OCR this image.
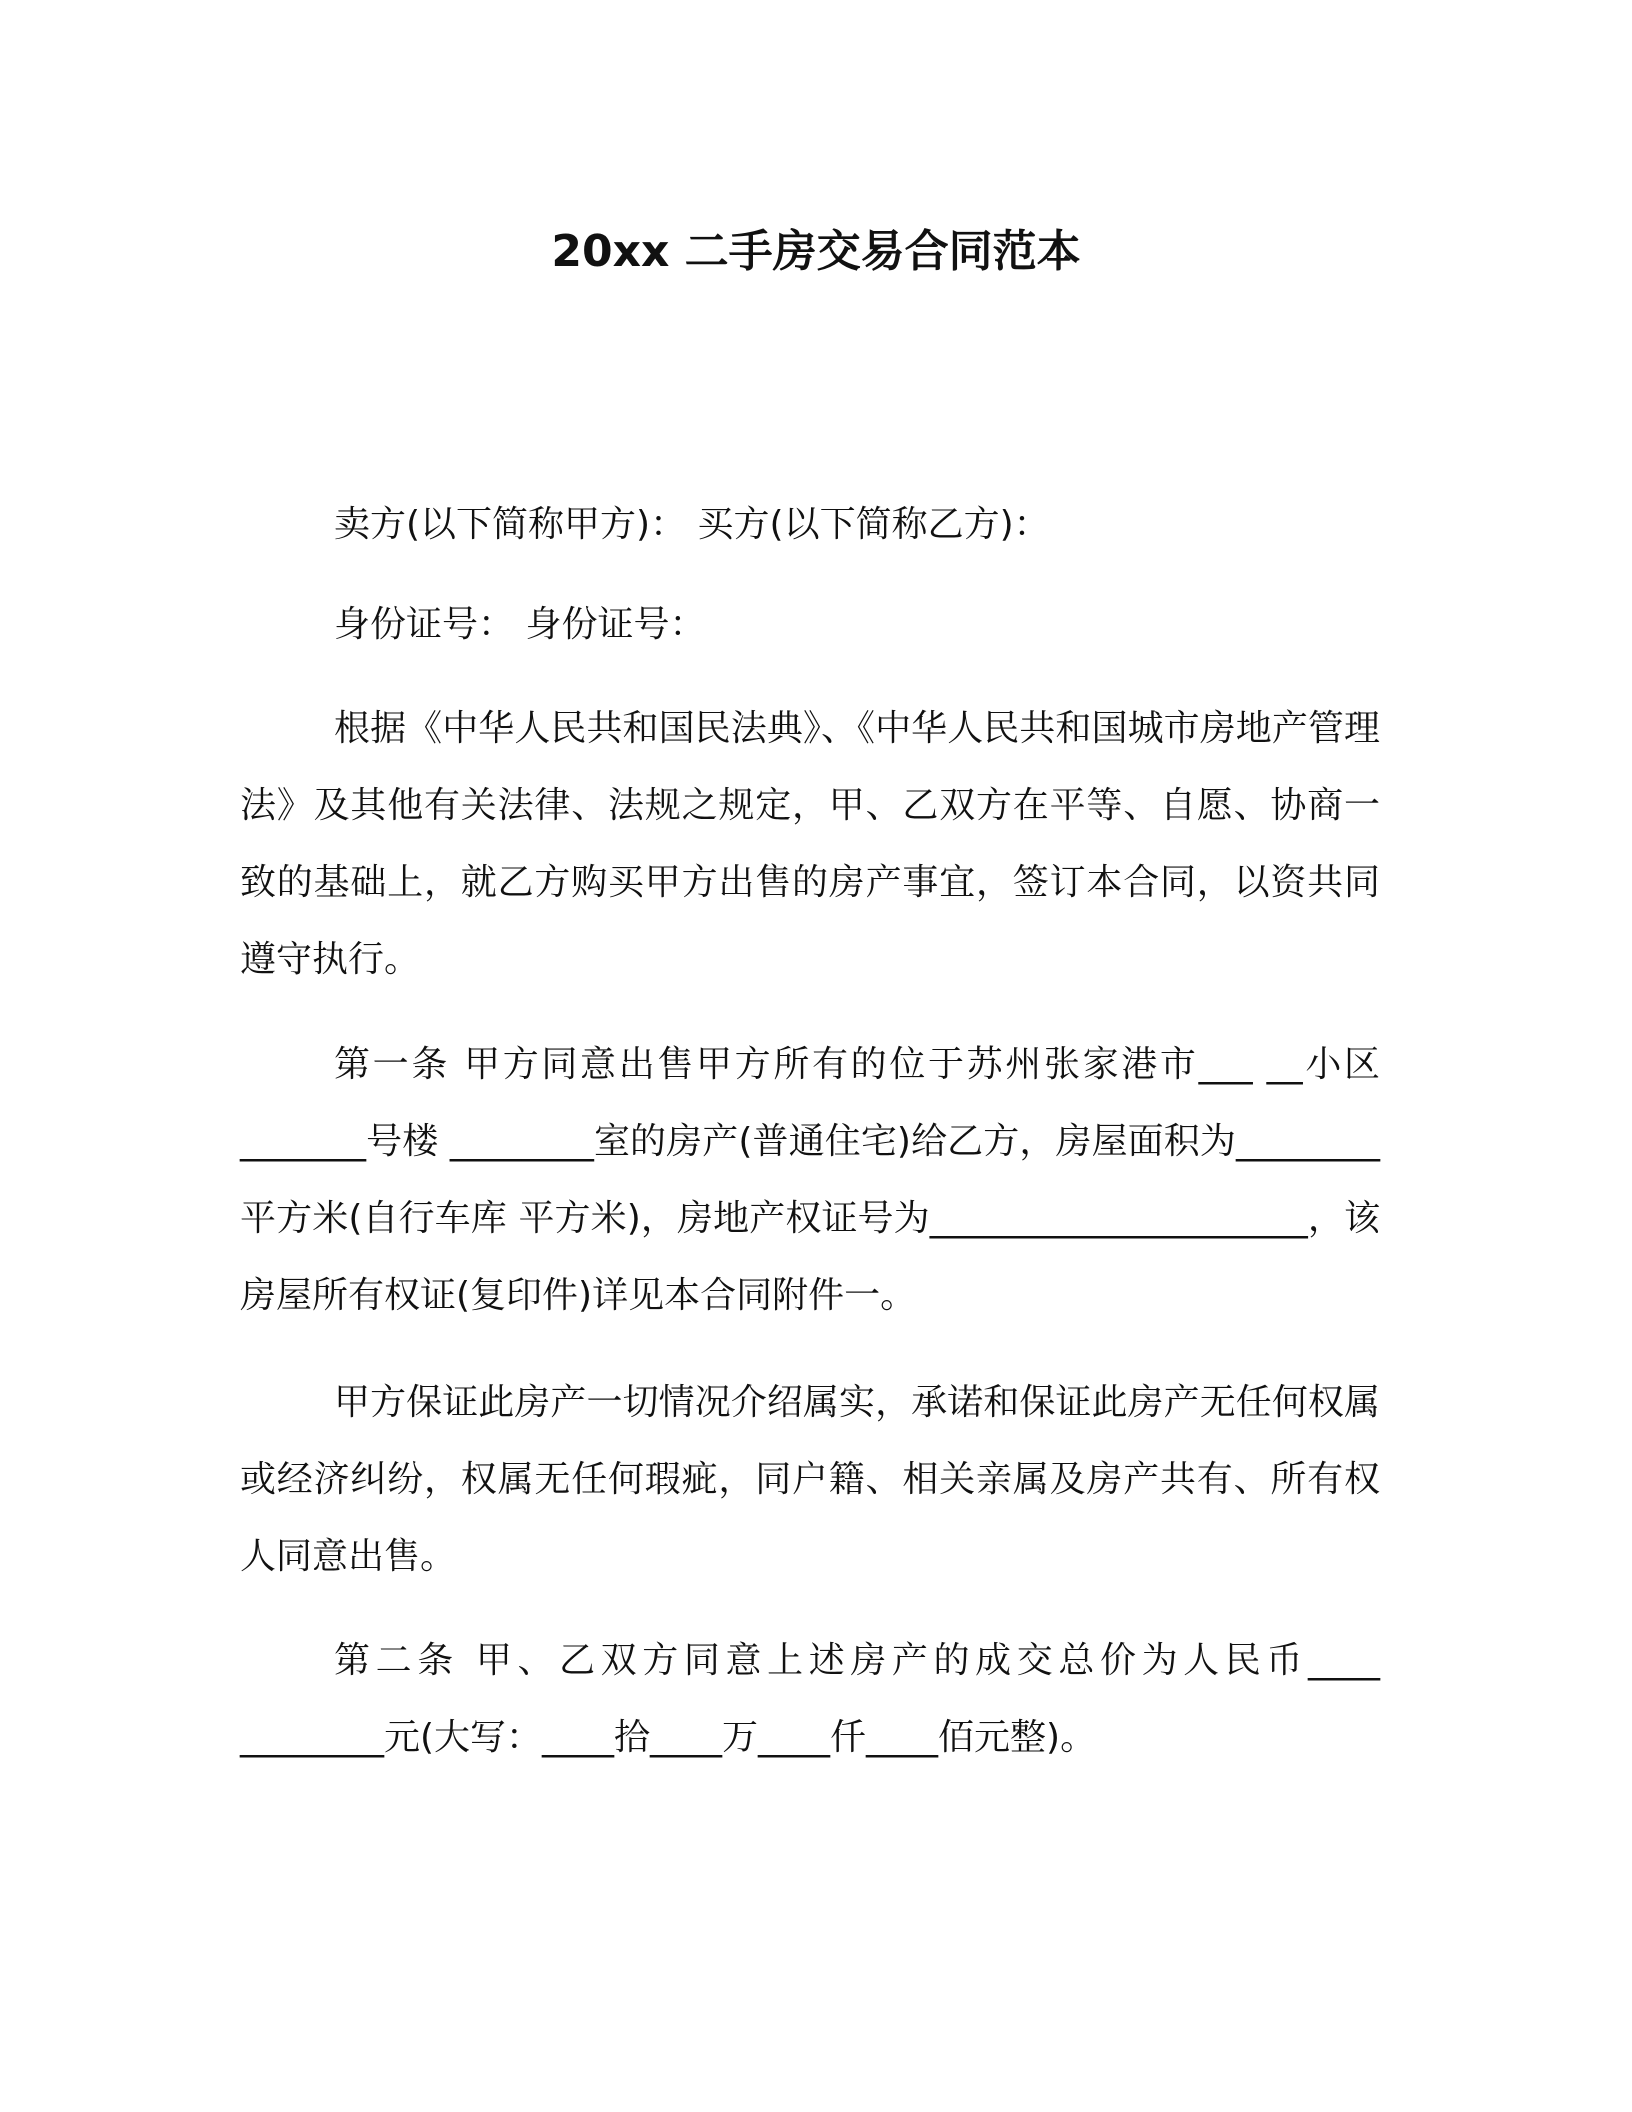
20xx 二手房交易合同范本

卖方(以下简称甲方)： 买方(以下简称乙方)：

身份证号： 身份证号：

根据《中华人民共和国民法典》、《中华人民共和国城市房地产管理法》及其他有关法律、法规之规定，甲、乙双方在平等、自愿、协商一致的基础上，就乙方购买甲方出售的房产事宜，签订本合同，以资共同遵守执行。

第一条 甲方同意出售甲方所有的位于苏州张家港市___ __小区_______号楼 ________室的房产(普通住宅)给乙方，房屋面积为________平方米(自行车库 平方米)，房地产权证号为_____________________，该房屋所有权证(复印件)详见本合同附件一。

甲方保证此房产一切情况介绍属实，承诺和保证此房产无任何权属或经济纠纷，权属无任何瑕疵，同户籍、相关亲属及房产共有、所有权人同意出售。

第二条 甲、乙双方同意上述房产的成交总价为人民币____ ________元(大写：____拾____万____仟____佰元整)。
